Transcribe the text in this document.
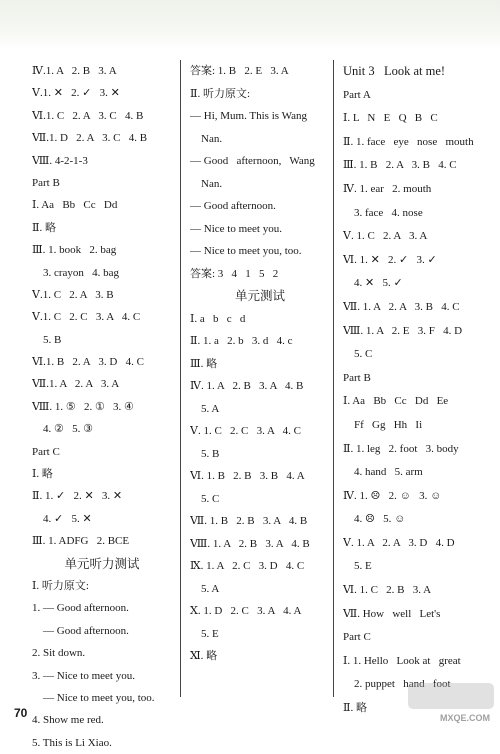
Ⅳ.1. A   2. B   3. A
Ⅴ.1. ✕   2. ✓   3. ✕
Ⅵ.1. C   2. A   3. C   4. B
Ⅶ.1. D   2. A   3. C   4. B
Ⅷ. 4-2-1-3
Part B
Ⅰ. Aa   Bb   Cc   Dd
Ⅱ. 略
Ⅲ. 1. book   2. bag
3. crayon   4. bag
Ⅴ.1. C   2. A   3. B
Ⅴ.1. C   2. C   3. A   4. C
5. B
Ⅵ.1. B   2. A   3. D   4. C
Ⅶ.1. A   2. A   3. A
Ⅷ. 1. ⑤   2. ①   3. ④
4. ②   5. ③
Part C
Ⅰ. 略
Ⅱ. 1. ✓   2. ✕   3. ✕
4. ✓   5. ✕
Ⅲ. 1. ADFG   2. BCE
单元听力测试
Ⅰ. 听力原文:
1. — Good afternoon.
— Good afternoon.
2. Sit down.
3. — Nice to meet you.
— Nice to meet you, too.
4. Show me red.
5. This is Li Xiao.
答案: 1. B   2. E   3. A
Ⅱ. 听力原文:
— Hi, Mum. This is Wang
Nan.
— Good   afternoon,   Wang
Nan.
— Good afternoon.
— Nice to meet you.
— Nice to meet you, too.
答案: 3   4   1   5   2
单元测试
Ⅰ. a   b   c   d
Ⅱ. 1. a   2. b   3. d   4. c
Ⅲ. 略
Ⅳ. 1. A   2. B   3. A   4. B
5. A
Ⅴ. 1. C   2. C   3. A   4. C
5. B
Ⅵ. 1. B   2. B   3. B   4. A
5. C
Ⅶ. 1. B   2. B   3. A   4. B
Ⅷ. 1. A   2. B   3. A   4. B
Ⅸ. 1. A   2. C   3. D   4. C
5. A
Ⅹ. 1. D   2. C   3. A   4. A
5. E
Ⅺ. 略
Unit 3   Look at me!
Part A
Ⅰ. L   N   E   Q   B   C
Ⅱ. 1. face   eye   nose   mouth
Ⅲ. 1. B   2. A   3. B   4. C
Ⅳ. 1. ear   2. mouth
3. face   4. nose
Ⅴ. 1. C   2. A   3. A
Ⅵ. 1. ✕   2. ✓   3. ✓
4. ✕   5. ✓
Ⅶ. 1. A   2. A   3. B   4. C
Ⅷ. 1. A   2. E   3. F   4. D
5. C
Part B
Ⅰ. Aa   Bb   Cc   Dd   Ee
Ff   Gg   Hh   Ii
Ⅱ. 1. leg   2. foot   3. body
4. hand   5. arm
Ⅳ. 1. ☹   2. ☺   3. ☺
4. ☹   5. ☺
Ⅴ. 1. A   2. A   3. D   4. D
5. E
Ⅵ. 1. C   2. B   3. A
Ⅶ. How   well   Let's
Part C
Ⅰ. 1. Hello   Look at   great
2. puppet   hand   foot
Ⅱ. 略
70	MXQE.COM
